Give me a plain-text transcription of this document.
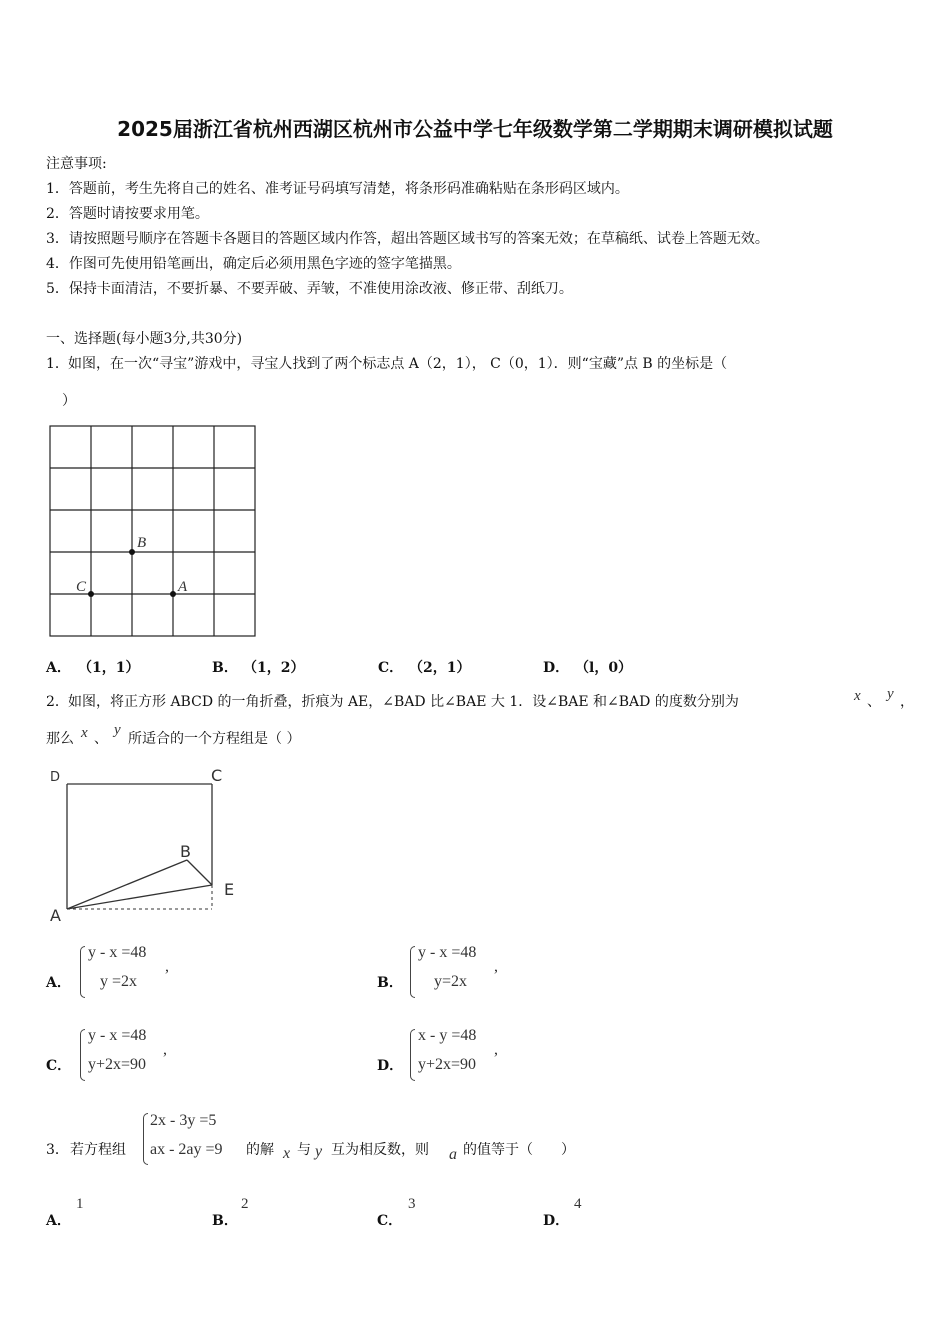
2025届浙江省杭州西湖区杭州市公益中学七年级数学第二学期期末调研模拟试题
注意事项:
1．答题前，考生先将自己的姓名、准考证号码填写清楚，将条形码准确粘贴在条形码区域内。
2．答题时请按要求用笔。
3．请按照题号顺序在答题卡各题目的答题区域内作答，超出答题区域书写的答案无效；在草稿纸、试卷上答题无效。
4．作图可先使用铅笔画出，确定后必须用黑色字迹的签字笔描黑。
5．保持卡面清洁，不要折暴、不要弄破、弄皱，不准使用涂改液、修正带、刮纸刀。
一、选择题(每小题3分,共30分)
1． 如图，在一次“寻宝”游戏中，寻宝人找到了两个标志点 A（2，1）， C（0，1）．则“宝藏”点 B 的坐标是（
）
B
C	A
A． （1，1）	B． （1，2）	C． （2，1）	D． （l，0）
2． 如图，将正方形 ABCD 的一角折叠，折痕为 AE，∠BAD 比∠BAE 大 1．设∠BAE 和∠BAD 的度数分别为	x 、 y ，
那么 x 、
y
所适合的一个方程组是（ ）
D	C
B
E
A
A．
y - x =48
y =2x
,
B．
y - x =48
y=2x
,
C．
y - x =48
y+2x=90
,
D．
x - y =48
y+2x=90
,
3． 若方程组
2x - 3y =5
ax - 2ay =9 的解 x 与 y 互为相反数，则 a 的值等于（　　）
A．
1
B．
2
C．
3
D．
4
